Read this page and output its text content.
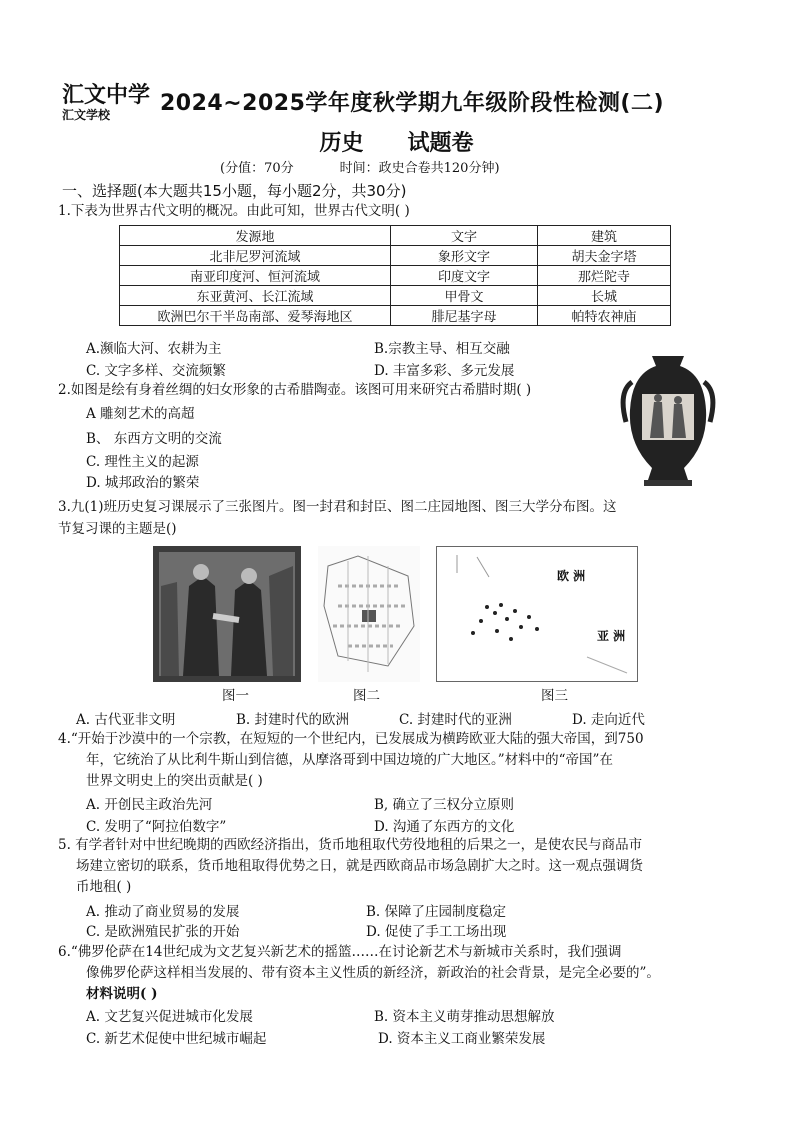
汇文中学
汇文学校 2024~2025学年度秋学期九年级阶段性检测(二)
历史 试题卷
(分值：70分	时间：政史合卷共120分钟)
一、选择题(本大题共15小题，每小题2分，共30分)
1.下表为世界古代文明的概况。由此可知，世界古代文明( )
发源地	文字	建筑
北非尼罗河流域	象形文字	胡夫金字塔
南亚印度河、恒河流域	印度文字	那烂陀寺
东亚黄河、长江流域	甲骨文	长城
欧洲巴尔干半岛南部、爱琴海地区	腓尼基字母	帕特农神庙
A.濒临大河、农耕为主	B.宗教主导、相互交融
C. 文字多样、交流频繁	D. 丰富多彩、多元发展
2.如图是绘有身着丝绸的妇女形象的古希腊陶壶。该图可用来研究古希腊时期( )
A 雕刻艺术的高超
B、 东西方文明的交流
C. 理性主义的起源
D. 城邦政治的繁荣
3.九(1)班历史复习课展示了三张图片。图一封君和封臣、图二庄园地图、图三大学分布图。这
节复习课的主题是()
欧 洲
亚 洲
图一	图二	图三
A. 古代亚非文明	B. 封建时代的欧洲	C. 封建时代的亚洲	D. 走向近代
4.“开始于沙漠中的一个宗教，在短短的一个世纪内，已发展成为横跨欧亚大陆的强大帝国，到750
年，它统治了从比利牛斯山到信德，从摩洛哥到中国边境的广大地区。”材料中的“帝国”在
世界文明史上的突出贡献是( )
A. 开创民主政治先河	B, 确立了三权分立原则
C. 发明了“阿拉伯数字”	D. 沟通了东西方的文化
5. 有学者针对中世纪晚期的西欧经济指出，货币地租取代劳役地租的后果之一，是使农民与商品市
场建立密切的联系，货币地租取得优势之日，就是西欧商品市场急剧扩大之时。这一观点强调货
币地租( )
A. 推动了商业贸易的发展	B. 保障了庄园制度稳定
C. 是欧洲殖民扩张的开始	D. 促使了手工工场出现
6.“佛罗伦萨在14世纪成为文艺复兴新艺术的摇篮……在讨论新艺术与新城市关系时，我们强调
像佛罗伦萨这样相当发展的、带有资本主义性质的新经济，新政治的社会背景，是完全必要的”。
材料说明( )
A. 文艺复兴促进城市化发展	B. 资本主义萌芽推动思想解放
C. 新艺术促使中世纪城市崛起	D. 资本主义工商业繁荣发展
